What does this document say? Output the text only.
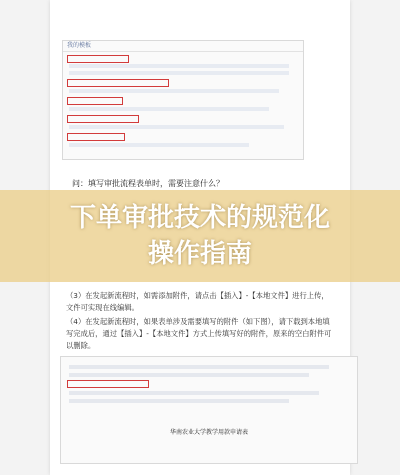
我的模板
问：填写审批流程表单时，需要注意什么？
下单审批技术的规范化
操作指南
（3）在发起新流程时，如需添加附件，请点击【插入】-【本地文件】进行上传，文件可实现在线编辑。
（4）在发起新流程时，如果表单涉及需要填写的附件（如下图），请下载到本地填写完成后，通过【插入】-【本地文件】方式上传填写好的附件，原来的空白附件可以删除。
华南农业大学教学用款申请表
